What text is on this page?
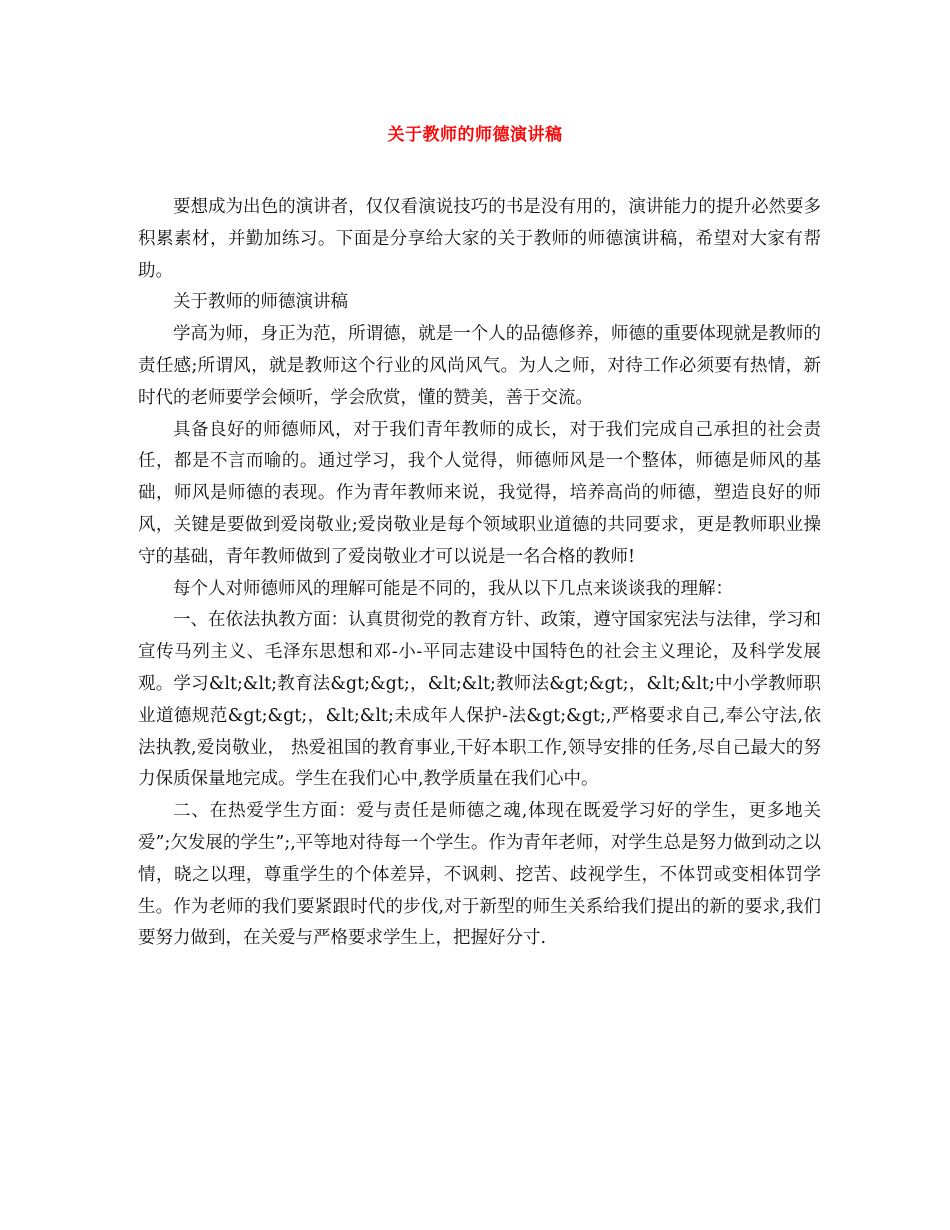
关于教师的师德演讲稿

要想成为出色的演讲者，仅仅看演说技巧的书是没有用的，演讲能力的提升必然要多积累素材，并勤加练习。下面是分享给大家的关于教师的师德演讲稿，希望对大家有帮助。

关于教师的师德演讲稿

学高为师，身正为范，所谓德，就是一个人的品德修养，师德的重要体现就是教师的责任感;所谓风，就是教师这个行业的风尚风气。为人之师，对待工作必须要有热情，新时代的老师要学会倾听，学会欣赏，懂的赞美，善于交流。

具备良好的师德师风，对于我们青年教师的成长，对于我们完成自己承担的社会责任，都是不言而喻的。通过学习，我个人觉得，师德师风是一个整体，师德是师风的基础，师风是师德的表现。作为青年教师来说，我觉得，培养高尚的师德，塑造良好的师风，关键是要做到爱岗敬业;爱岗敬业是每个领域职业道德的共同要求，更是教师职业操守的基础，青年教师做到了爱岗敬业才可以说是一名合格的教师!

每个人对师德师风的理解可能是不同的，我从以下几点来谈谈我的理解：

一、在依法执教方面：认真贯彻党的教育方针、政策，遵守国家宪法与法律，学习和宣传马列主义、毛泽东思想和邓-小-平同志建设中国特色的社会主义理论，及科学发展观。学习&lt;&lt;教育法&gt;&gt;，&lt;&lt;教师法&gt;&gt;，&lt;&lt;中小学教师职业道德规范&gt;&gt;，&lt;&lt;未成年人保护-法&gt;&gt;,严格要求自己,奉公守法,依法执教,爱岗敬业， 热爱祖国的教育事业,干好本职工作,领导安排的任务,尽自己最大的努力保质保量地完成。学生在我们心中,教学质量在我们心中。

二、在热爱学生方面：爱与责任是师德之魂,体现在既爱学习好的学生，更多地关爱”;欠发展的学生”;,平等地对待每一个学生。作为青年老师，对学生总是努力做到动之以情，晓之以理，尊重学生的个体差异，不讽刺、挖苦、歧视学生，不体罚或变相体罚学生。作为老师的我们要紧跟时代的步伐,对于新型的师生关系给我们提出的新的要求,我们要努力做到，在关爱与严格要求学生上，把握好分寸.
